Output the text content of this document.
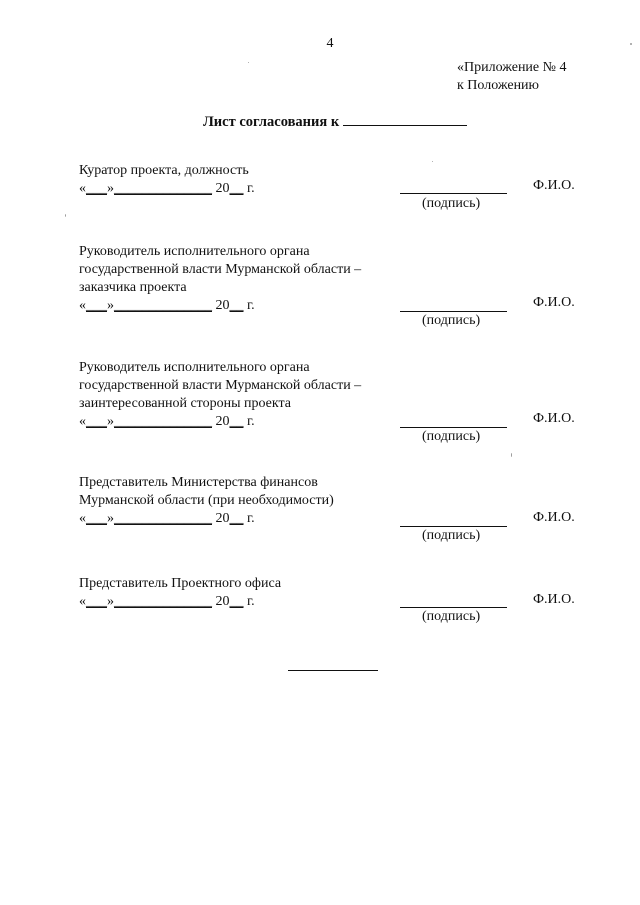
4
«Приложение № 4
к Положению
Лист согласования к
Куратор проекта, должность
«___»______________ 20__ г.
(подпись)
Ф.И.О.
Руководитель исполнительного органа
государственной власти Мурманской области –
заказчика проекта
«___»______________ 20__ г.
(подпись)
Ф.И.О.
Руководитель исполнительного органа
государственной власти Мурманской области –
заинтересованной стороны проекта
«___»______________ 20__ г.
(подпись)
Ф.И.О.
Представитель Министерства финансов
Мурманской области (при необходимости)
«___»______________ 20__ г.
(подпись)
Ф.И.О.
Представитель Проектного офиса
«___»______________ 20__ г.
(подпись)
Ф.И.О.
